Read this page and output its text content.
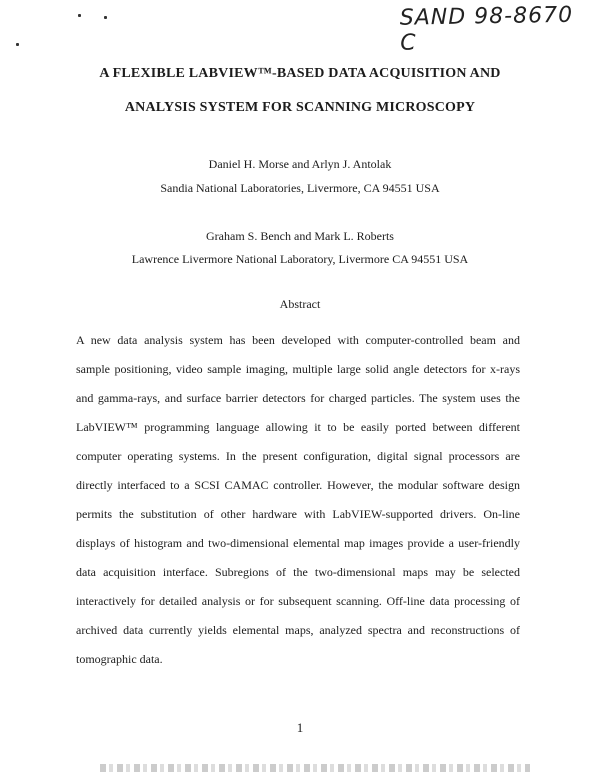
SAND 98-8670 C
A FLEXIBLE LABVIEW™-BASED DATA ACQUISITION AND
ANALYSIS SYSTEM FOR SCANNING MICROSCOPY
Daniel H. Morse and Arlyn J. Antolak
Sandia National Laboratories, Livermore, CA 94551 USA
Graham S. Bench and Mark L. Roberts
Lawrence Livermore National Laboratory, Livermore CA 94551 USA
Abstract
A new data analysis system has been developed with computer-controlled beam and
sample positioning, video sample imaging, multiple large solid angle detectors for x-rays
and gamma-rays, and surface barrier detectors for charged particles. The system uses the
LabVIEW™ programming language allowing it to be easily ported between different
computer operating systems. In the present configuration, digital signal processors are
directly interfaced to a SCSI CAMAC controller. However, the modular software design
permits the substitution of other hardware with LabVIEW-supported drivers. On-line
displays of histogram and two-dimensional elemental map images provide a user-friendly
data acquisition interface. Subregions of the two-dimensional maps may be selected
interactively for detailed analysis or for subsequent scanning. Off-line data processing of
archived data currently yields elemental maps, analyzed spectra and reconstructions of
tomographic data.
1
